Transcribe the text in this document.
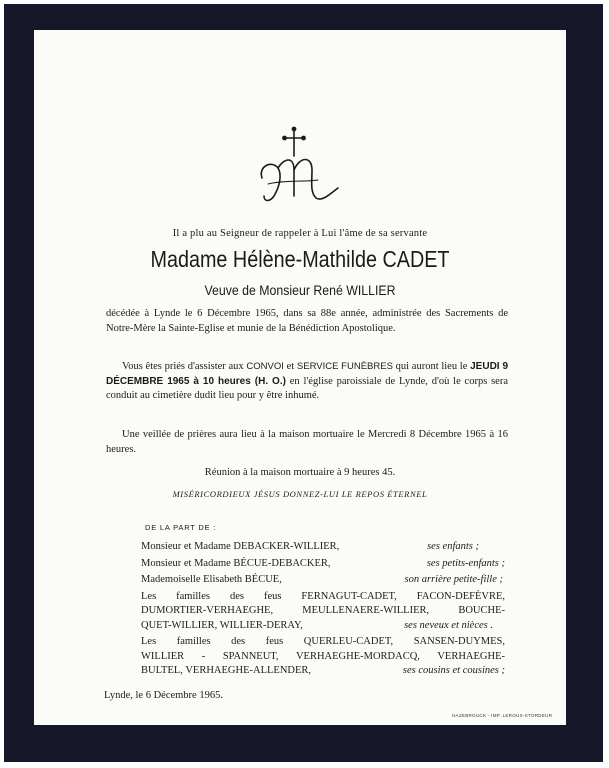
Il a plu au Seigneur de rappeler à Lui l'âme de sa servante
Madame Hélène-Mathilde CADET
Veuve de Monsieur René WILLIER
décédée à Lynde le 6 Décembre 1965, dans sa 88e année, administrée des Sacrements de Notre-Mère la Sainte-Eglise et munie de la Bénédiction Apostolique.
Vous êtes priés d'assister aux CONVOI et SERVICE FUNÈBRES qui auront lieu le JEUDI 9 DÉCEMBRE 1965 à 10 heures (H. O.) en l'église paroissiale de Lynde, d'où le corps sera conduit au cimetière dudit lieu pour y être inhumé.
Une veillée de prières aura lieu à la maison mortuaire le Mercredi 8 Décembre 1965 à 16 heures.
Réunion à la maison mortuaire à 9 heures 45.
MISÉRICORDIEUX JÉSUS DONNEZ-LUI LE REPOS ÉTERNEL
DE LA PART DE :
Monsieur et Madame DEBACKER-WILLIER,	ses enfants ;
Monsieur et Madame BÉCUE-DEBACKER,	ses petits-enfants ;
Mademoiselle Elisabeth BÉCUE,	son arrière petite-fille ;
Les familles des feus FERNAGUT-CADET, FACON-DEFÈVRE,
DUMORTIER-VERHAEGHE, MEULLENAERE-WILLIER, BOUCHE-
QUET-WILLIER, WILLIER-DERAY,	ses neveux et nièces .
Les familles des feus QUERLEU-CADET, SANSEN-DUYMES,
WILLIER - SPANNEUT, VERHAEGHE-MORDACQ, VERHAEGHE-
BULTEL, VERHAEGHE-ALLENDER,	ses cousins et cousines ;
Lynde, le 6 Décembre 1965.
HAZEBROUCK - IMP. LEROUX-STORDEUR
